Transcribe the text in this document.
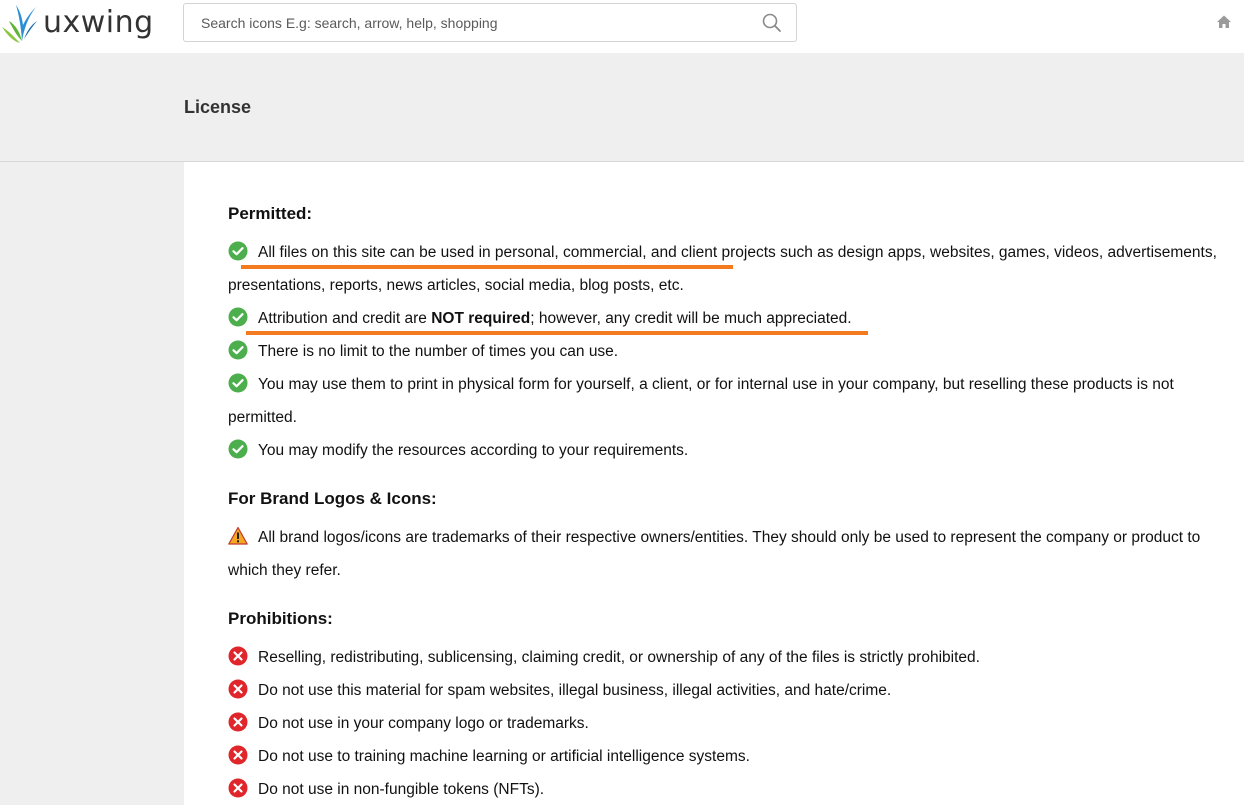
uxwing
Search icons E.g: search, arrow, help, shopping
License
Permitted:
All files on this site can be used in personal, commercial, and client projects such as design apps, websites, games, videos, advertisements, presentations, reports, news articles, social media, blog posts, etc.
Attribution and credit are NOT required; however, any credit will be much appreciated.
There is no limit to the number of times you can use.
You may use them to print in physical form for yourself, a client, or for internal use in your company, but reselling these products is not permitted.
You may modify the resources according to your requirements.
For Brand Logos & Icons:
All brand logos/icons are trademarks of their respective owners/entities. They should only be used to represent the company or product to which they refer.
Prohibitions:
Reselling, redistributing, sublicensing, claiming credit, or ownership of any of the files is strictly prohibited.
Do not use this material for spam websites, illegal business, illegal activities, and hate/crime.
Do not use in your company logo or trademarks.
Do not use to training machine learning or artificial intelligence systems.
Do not use in non-fungible tokens (NFTs).
